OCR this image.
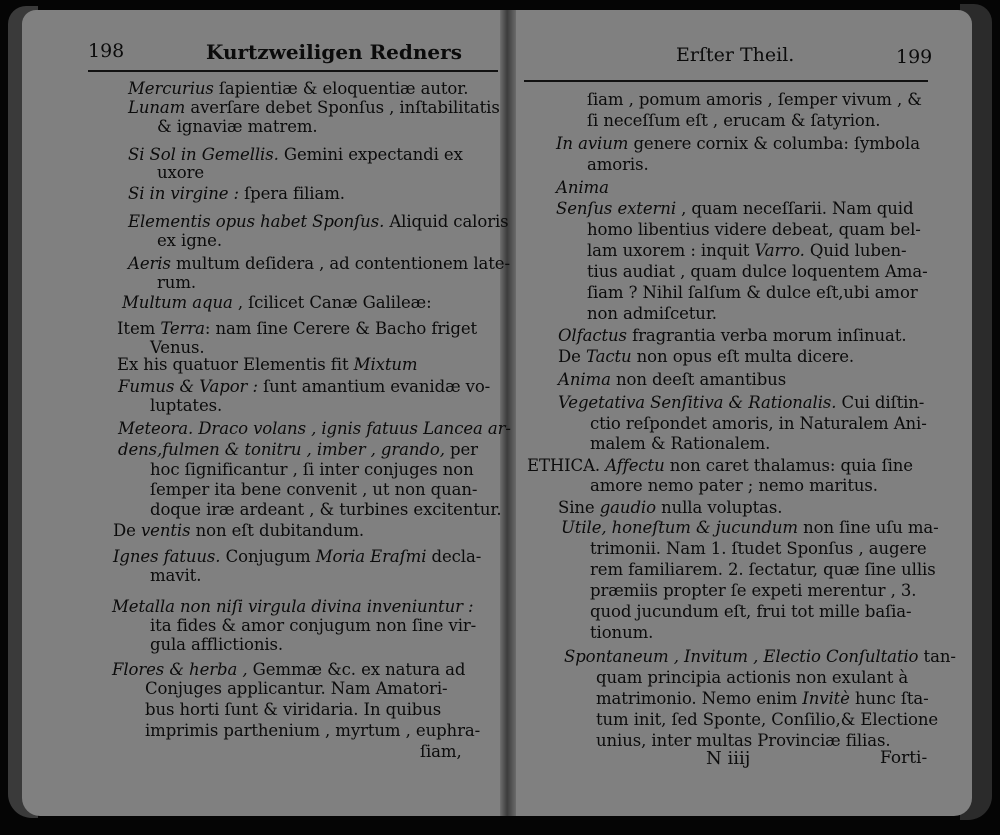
198	Kurtzweiligen Redners	Erſter Theil.	199
Mercurius ſapientiæ & eloquentiæ autor.
Lunam averſare debet Sponſus , inſtabilitatis
& ignaviæ matrem.
Si Sol in Gemellis. Gemini expectandi ex
uxore
Si in virgine : ſpera filiam.
Elementis opus habet Sponſus. Aliquid caloris
ex igne.
Aeris multum deſidera , ad contentionem late-
rum.
Multum aqua , ſcilicet Canæ Galileæ:
Item Terra: nam ſine Cerere & Bacho friget
Venus.
Ex his quatuor Elementis fit Mixtum
Fumus & Vapor : ſunt amantium evanidæ vo-
luptates.
Meteora. Draco volans , ignis fatuus Lancea ar-
dens,fulmen & tonitru , imber , grando, per
hoc ſignificantur , ſi inter conjuges non
ſemper ita bene convenit , ut non quan-
doque iræ ardeant , & turbines excitentur.
De ventis non eſt dubitandum.
Ignes fatuus. Conjugum Moria Eraſmi decla-
mavit.
Metalla non niſi virgula divina inveniuntur :
ita fides & amor conjugum non ſine vir-
gula afflictionis.
Flores & herba , Gemmæ &c. ex natura ad
Conjuges applicantur. Nam Amatori-
bus horti ſunt & viridaria. In quibus
imprimis parthenium , myrtum , euphra-
ſiam,
ſiam , pomum amoris , ſemper vivum , &
ſi neceſſum eſt , erucam & ſatyrion.
In avium genere cornix & columba: ſymbola
amoris.
Anima
Senſus externi , quam neceſſarii. Nam quid
homo libentius videre debeat, quam bel-
lam uxorem : inquit Varro. Quid luben-
tius audiat , quam dulce loquentem Ama-
ſiam ? Nihil ſalſum & dulce eſt,ubi amor
non admiſcetur.
Olfactus fragrantia verba morum inſinuat.
De Tactu non opus eſt multa dicere.
Anima non deeſt amantibus
Vegetativa Senſitiva & Rationalis. Cui diſtin-
ctio reſpondet amoris, in Naturalem Ani-
malem & Rationalem.
ETHICA. Affectu non caret thalamus: quia ſine
amore nemo pater ; nemo maritus.
Sine gaudio nulla voluptas.
Utile, honeſtum & jucundum non ſine uſu ma-
trimonii. Nam 1. ſtudet Sponſus , augere
rem familiarem. 2. ſectatur, quæ ſine ullis
præmiis propter ſe expeti merentur , 3.
quod jucundum eſt, frui tot mille baſia-
tionum.
Spontaneum , Invitum , Electio Conſultatio tan-
quam principia actionis non exulant à
matrimonio. Nemo enim Invitè hunc ſta-
tum init, ſed Sponte, Conſilio,& Electione
unius, inter multas Provinciæ filias.
N iiij	Forti-
